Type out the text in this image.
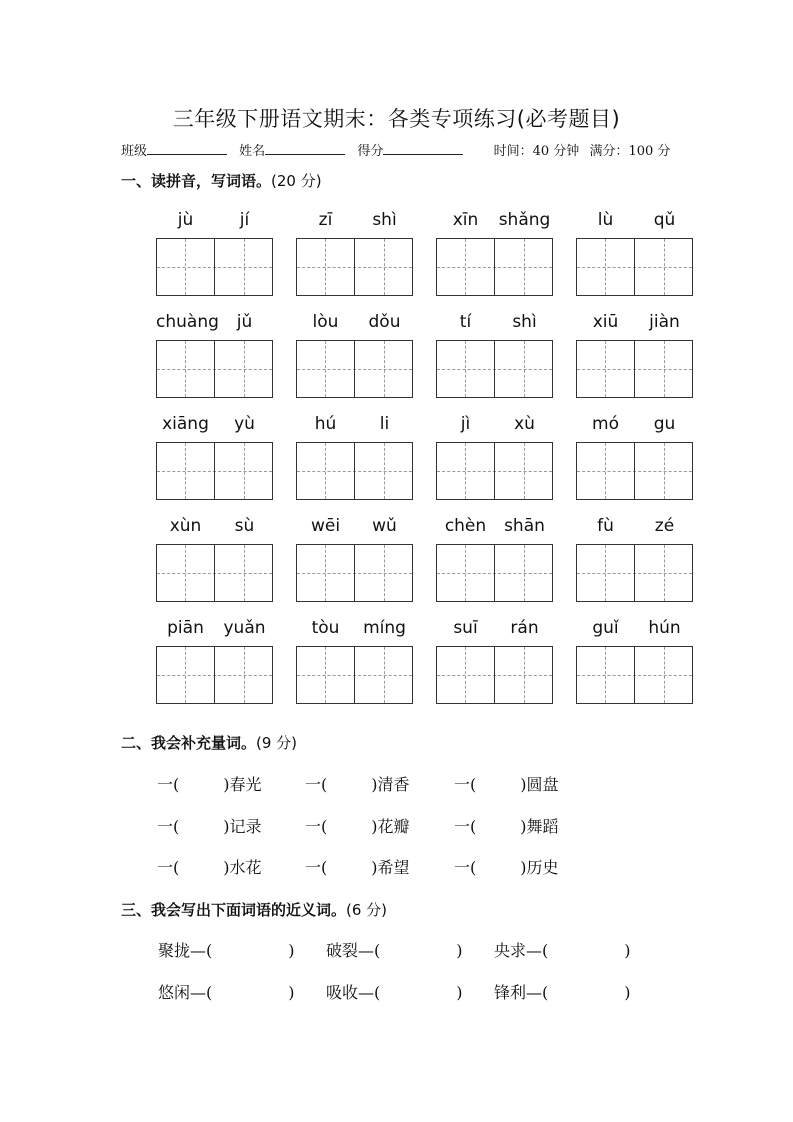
三年级下册语文期末：各类专项练习(必考题目)
班级	姓名	得分	时间：40 分钟 满分：100 分
一、读拼音，写词语。(20 分)
jù	jí	zī	shì	xīn	shǎng	lù	qǔ
chuàng	jǔ	lòu	dǒu	tí	shì	xiū	jiàn
xiāng	yù	hú	li	jì	xù	mó	gu
xùn	sù	wēi	wǔ	chèn	shān	fù	zé
piān	yuǎn	tòu	míng	suī	rán	guǐ	hún
二、我会补充量词。(9 分)
一(	)春光	一(	)清香	一(	)圆盘
一(	)记录	一(	)花瓣	一(	)舞蹈
一(	)水花	一(	)希望	一(	)历史
三、我会写出下面词语的近义词。(6 分)
聚拢—(	) 破裂—(	) 央求—(	)
悠闲—(	) 吸收—(	) 锋利—(	)
